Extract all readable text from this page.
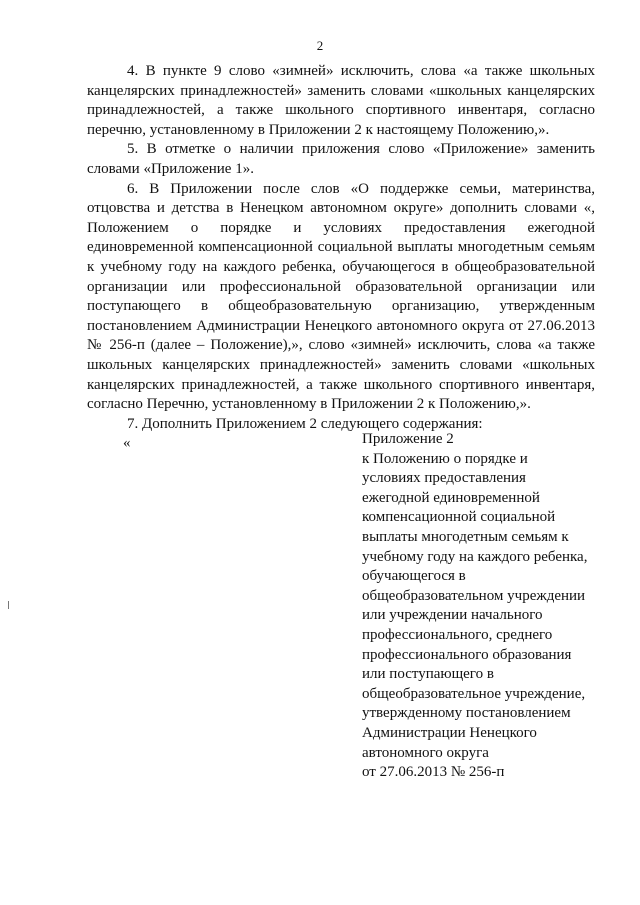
2

4. В пункте 9 слово «зимней» исключить, слова «а также школьных канцелярских принадлежностей» заменить словами «школьных канцелярских принадлежностей, а также школьного спортивного инвентаря, согласно перечню, установленному в Приложении 2 к настоящему Положению,».

5. В отметке о наличии приложения слово «Приложение» заменить словами «Приложение 1».

6. В Приложении после слов «О поддержке семьи, материнства, отцовства и детства в Ненецком автономном округе» дополнить словами «, Положением о порядке и условиях предоставления ежегодной единовременной компенсационной социальной выплаты многодетным семьям к учебному году на каждого ребенка, обучающегося в общеобразовательной организации или профессиональной образовательной организации или поступающего в общеобразовательную организацию, утвержденным постановлением Администрации Ненецкого автономного округа от 27.06.2013 № 256-п (далее – Положение),», слово «зимней» исключить, слова «а также школьных канцелярских принадлежностей» заменить словами «школьных канцелярских принадлежностей, а также школьного спортивного инвентаря, согласно Перечню, установленному в Приложении 2 к Положению,».

7. Дополнить Приложением 2 следующего содержания:

«	Приложение 2
к Положению о порядке и
условиях предоставления
ежегодной единовременной
компенсационной социальной
выплаты многодетным семьям к
учебному году на каждого ребенка,
обучающегося в
общеобразовательном учреждении
или учреждении начального
профессионального, среднего
профессионального образования
или поступающего в
общеобразовательное учреждение,
утвержденному постановлением
Администрации Ненецкого
автономного округа
от 27.06.2013 № 256-п
